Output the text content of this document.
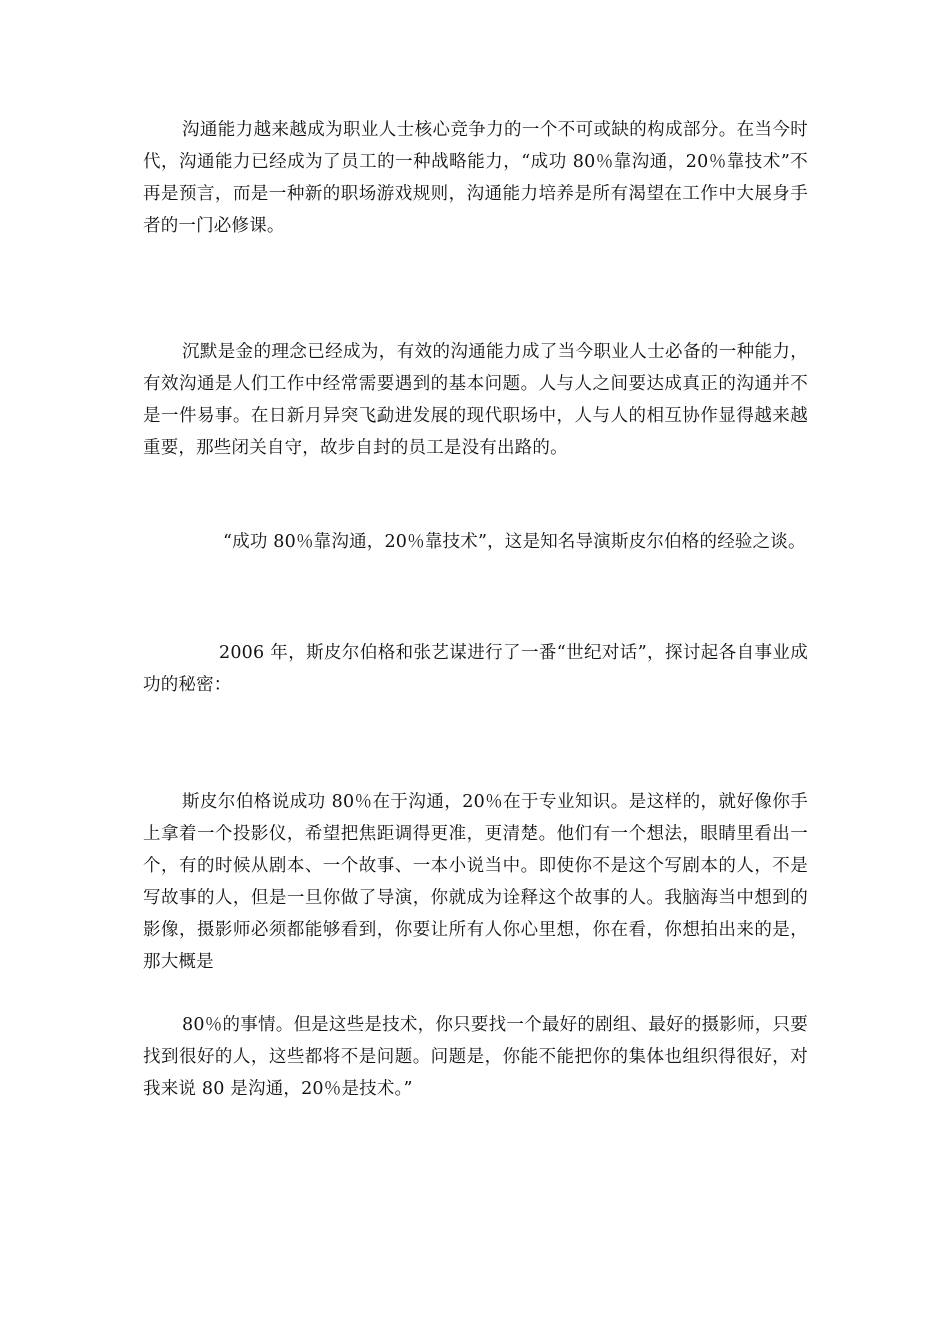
沟通能力越来越成为职业人士核心竞争力的一个不可或缺的构成部分。在当今时代，沟通能力已经成为了员工的一种战略能力，“成功 80％靠沟通，20％靠技术”不再是预言，而是一种新的职场游戏规则，沟通能力培养是所有渴望在工作中大展身手者的一门必修课。

沉默是金的理念已经成为，有效的沟通能力成了当今职业人士必备的一种能力，有效沟通是人们工作中经常需要遇到的基本问题。人与人之间要达成真正的沟通并不是一件易事。在日新月异突飞勐进发展的现代职场中，人与人的相互协作显得越来越重要，那些闭关自守，故步自封的员工是没有出路的。

“成功 80％靠沟通，20％靠技术”，这是知名导演斯皮尔伯格的经验之谈。

2006 年，斯皮尔伯格和张艺谋进行了一番“世纪对话”，探讨起各自事业成功的秘密：

斯皮尔伯格说成功 80％在于沟通，20％在于专业知识。是这样的，就好像你手上拿着一个投影仪，希望把焦距调得更准，更清楚。他们有一个想法，眼睛里看出一个，有的时候从剧本、一个故事、一本小说当中。即使你不是这个写剧本的人，不是写故事的人，但是一旦你做了导演，你就成为诠释这个故事的人。我脑海当中想到的影像，摄影师必须都能够看到，你要让所有人你心里想，你在看，你想拍出来的是，那大概是

80％的事情。但是这些是技术，你只要找一个最好的剧组、最好的摄影师，只要找到很好的人，这些都将不是问题。问题是，你能不能把你的集体也组织得很好，对我来说 80 是沟通，20％是技术。”
